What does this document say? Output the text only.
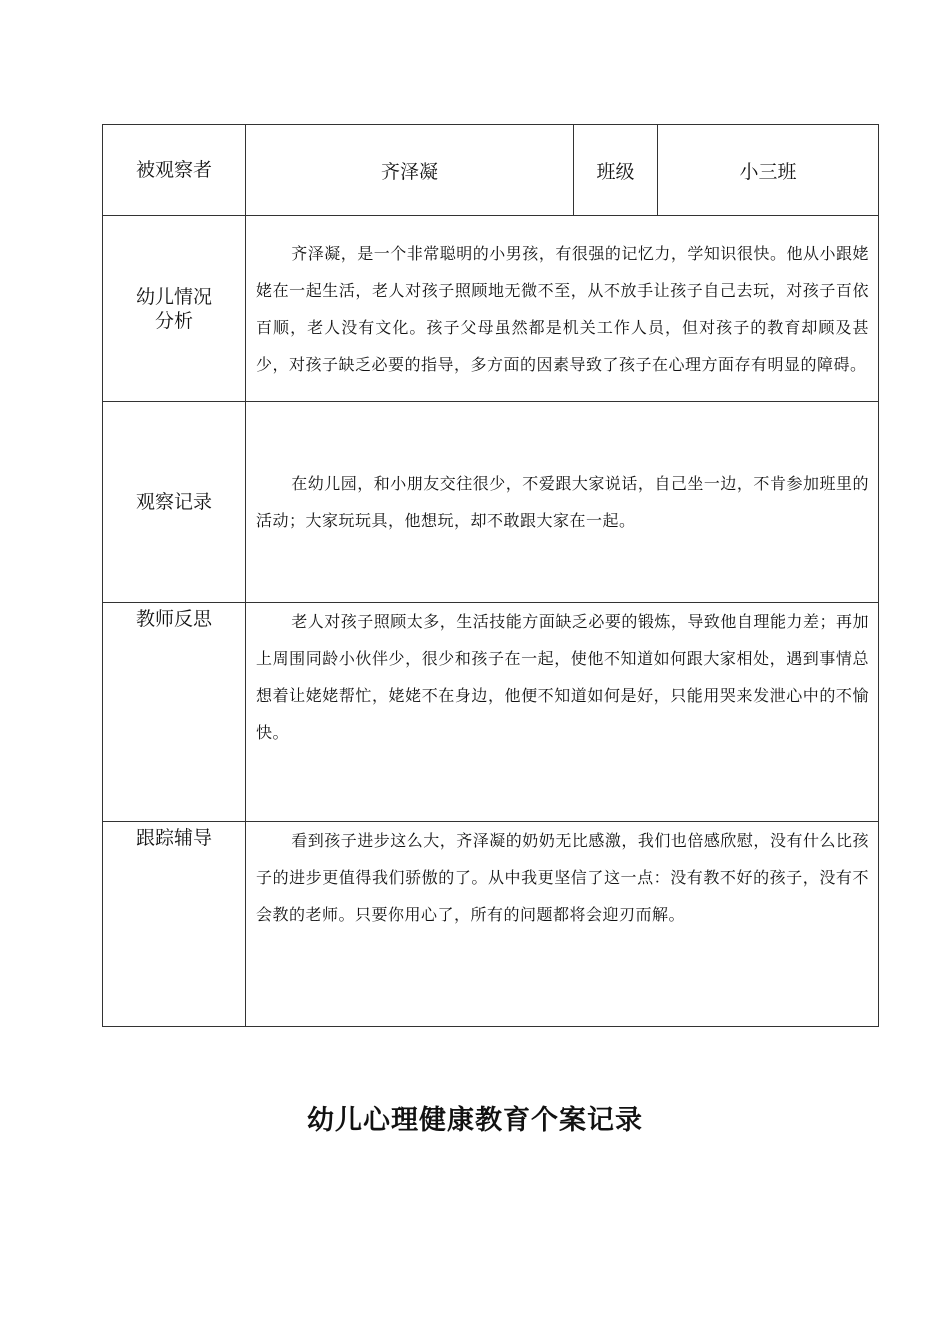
被观察者	齐泽凝	班级	小三班

幼儿情况分析	齐泽凝，是一个非常聪明的小男孩，有很强的记忆力，学知识很快。他从小跟姥姥在一起生活，老人对孩子照顾地无微不至，从不放手让孩子自己去玩，对孩子百依百顺，老人没有文化。孩子父母虽然都是机关工作人员，但对孩子的教育却顾及甚少，对孩子缺乏必要的指导，多方面的因素导致了孩子在心理方面存有明显的障碍。		
观察记录	在幼儿园，和小朋友交往很少，不爱跟大家说话，自己坐一边，不肯参加班里的活动；大家玩玩具，他想玩，却不敢跟大家在一起。		
教师反思	老人对孩子照顾太多，生活技能方面缺乏必要的锻炼，导致他自理能力差；再加上周围同龄小伙伴少，很少和孩子在一起，使他不知道如何跟大家相处，遇到事情总想着让姥姥帮忙，姥姥不在身边，他便不知道如何是好，只能用哭来发泄心中的不愉快。		
跟踪辅导	看到孩子进步这么大，齐泽凝的奶奶无比感激，我们也倍感欣慰，没有什么比孩子的进步更值得我们骄傲的了。从中我更坚信了这一点：没有教不好的孩子，没有不会教的老师。只要你用心了，所有的问题都将会迎刃而解。		
幼儿心理健康教育个案记录
